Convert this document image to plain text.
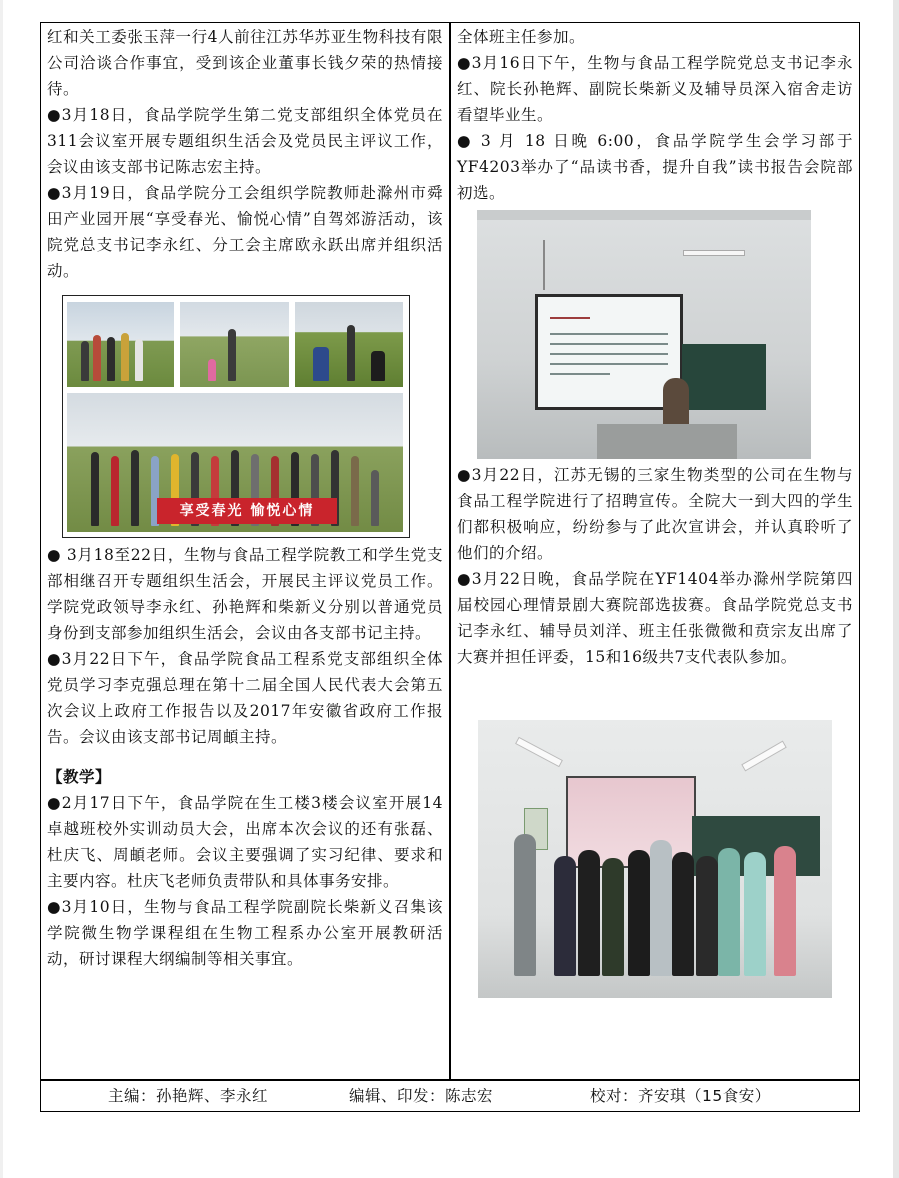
红和关工委张玉萍一行4人前往江苏华苏亚生物科技有限公司洽谈合作事宜，受到该企业董事长钱夕荣的热情接待。

●3月18日，食品学院学生第二党支部组织全体党员在311会议室开展专题组织生活会及党员民主评议工作，会议由该支部书记陈志宏主持。

●3月19日，食品学院分工会组织学院教师赴滁州市舜田产业园开展“享受春光、愉悦心情”自驾郊游活动，该院党总支书记李永红、分工会主席欧永跃出席并组织活动。

● 3月18至22日，生物与食品工程学院教工和学生党支部相继召开专题组织生活会，开展民主评议党员工作。学院党政领导李永红、孙艳辉和柴新义分别以普通党员身份到支部参加组织生活会，会议由各支部书记主持。

●3月22日下午，食品学院食品工程系党支部组织全体党员学习李克强总理在第十二届全国人民代表大会第五次会议上政府工作报告以及2017年安徽省政府工作报告。会议由该支部书记周頔主持。

【教学】

●2月17日下午，食品学院在生工楼3楼会议室开展14卓越班校外实训动员大会，出席本次会议的还有张磊、杜庆飞、周頔老师。会议主要强调了实习纪律、要求和主要内容。杜庆飞老师负责带队和具体事务安排。

●3月10日，生物与食品工程学院副院长柴新义召集该学院微生物学课程组在生物工程系办公室开展教研活动，研讨课程大纲编制等相关事宜。

享受春光 愉悦心情

全体班主任参加。

●3月16日下午，生物与食品工程学院党总支书记李永红、院长孙艳辉、副院长柴新义及辅导员深入宿舍走访看望毕业生。

● 3 月 18 日晚 6:00，食品学院学生会学习部于YF4203举办了“品读书香，提升自我”读书报告会院部初选。

●3月22日，江苏无锡的三家生物类型的公司在生物与食品工程学院进行了招聘宣传。全院大一到大四的学生们都积极响应，纷纷参与了此次宣讲会，并认真聆听了他们的介绍。

●3月22日晚，食品学院在YF1404举办滁州学院第四届校园心理情景剧大赛院部选拔赛。食品学院党总支书记李永红、辅导员刘洋、班主任张微微和贲宗友出席了大赛并担任评委，15和16级共7支代表队参加。

主编：孙艳辉、李永红	编辑、印发：陈志宏	校对：齐安琪（15食安）
